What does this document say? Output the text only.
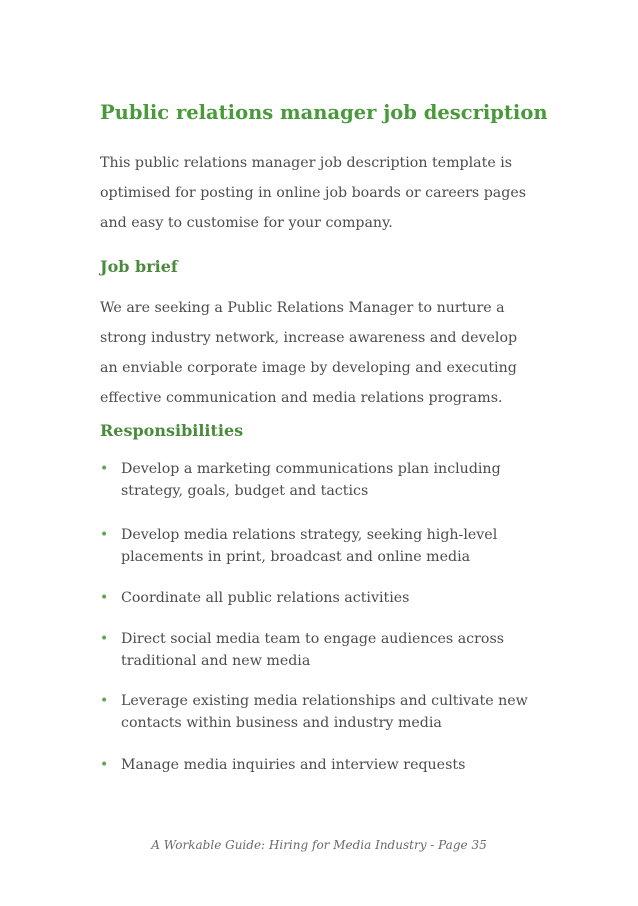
Public relations manager job description

This public relations manager job description template is
optimised for posting in online job boards or careers pages
and easy to customise for your company.

Job brief

We are seeking a Public Relations Manager to nurture a
strong industry network, increase awareness and develop
an enviable corporate image by developing and executing
effective communication and media relations programs.

Responsibilities
• Develop a marketing communications plan including
strategy, goals, budget and tactics
• Develop media relations strategy, seeking high-level
placements in print, broadcast and online media
• Coordinate all public relations activities
• Direct social media team to engage audiences across
traditional and new media
• Leverage existing media relationships and cultivate new
contacts within business and industry media
• Manage media inquiries and interview requests
A Workable Guide: Hiring for Media Industry - Page 35
